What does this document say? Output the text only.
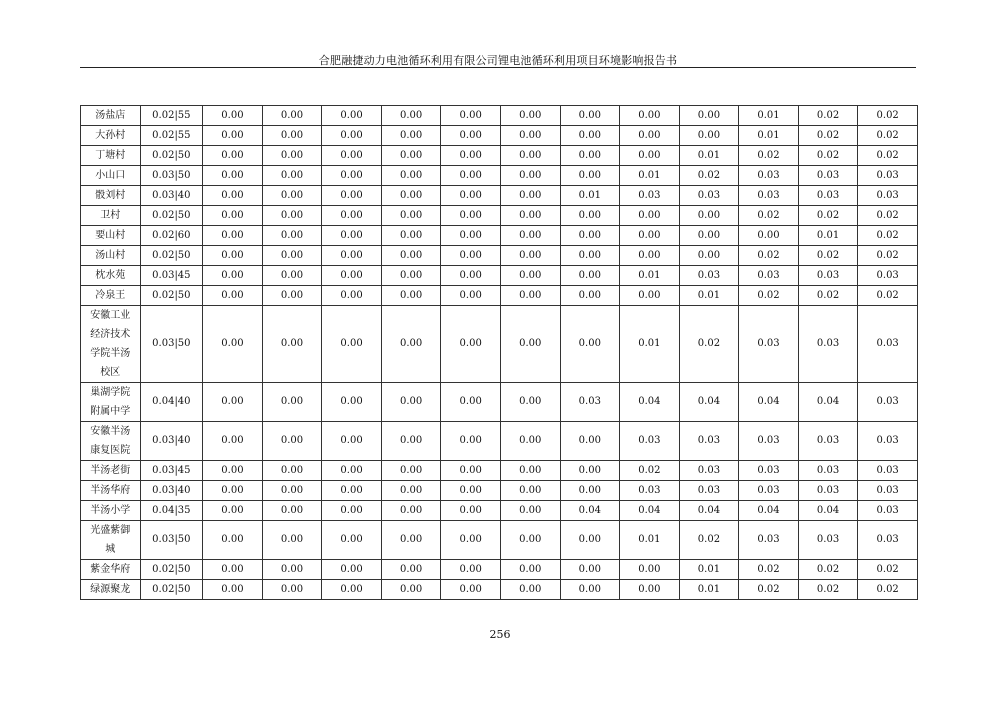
合肥融捷动力电池循环利用有限公司锂电池循环利用项目环境影响报告书
汤盐店	0.02|55	0.00	0.00	0.00	0.00	0.00	0.00	0.00	0.00	0.00	0.01	0.02	0.02
大孙村	0.02|55	0.00	0.00	0.00	0.00	0.00	0.00	0.00	0.00	0.00	0.01	0.02	0.02
丁塘村	0.02|50	0.00	0.00	0.00	0.00	0.00	0.00	0.00	0.00	0.01	0.02	0.02	0.02
小山口	0.03|50	0.00	0.00	0.00	0.00	0.00	0.00	0.00	0.01	0.02	0.03	0.03	0.03
骰刘村	0.03|40	0.00	0.00	0.00	0.00	0.00	0.00	0.01	0.03	0.03	0.03	0.03	0.03
卫村	0.02|50	0.00	0.00	0.00	0.00	0.00	0.00	0.00	0.00	0.00	0.02	0.02	0.02
要山村	0.02|60	0.00	0.00	0.00	0.00	0.00	0.00	0.00	0.00	0.00	0.00	0.01	0.02
汤山村	0.02|50	0.00	0.00	0.00	0.00	0.00	0.00	0.00	0.00	0.00	0.02	0.02	0.02
枕水苑	0.03|45	0.00	0.00	0.00	0.00	0.00	0.00	0.00	0.01	0.03	0.03	0.03	0.03
冷泉王	0.02|50	0.00	0.00	0.00	0.00	0.00	0.00	0.00	0.00	0.01	0.02	0.02	0.02

安徽工业
经济技术
学院半汤
校区	0.03|50	0.00	0.00	0.00	0.00	0.00	0.00	0.00	0.01	0.02	0.03	0.03	0.03

巢湖学院
附属中学	0.04|40	0.00	0.00	0.00	0.00	0.00	0.00	0.03	0.04	0.04	0.04	0.04	0.03

安徽半汤
康复医院	0.03|40	0.00	0.00	0.00	0.00	0.00	0.00	0.00	0.03	0.03	0.03	0.03	0.03
半汤老街	0.03|45	0.00	0.00	0.00	0.00	0.00	0.00	0.00	0.02	0.03	0.03	0.03	0.03
半汤华府	0.03|40	0.00	0.00	0.00	0.00	0.00	0.00	0.00	0.03	0.03	0.03	0.03	0.03
半汤小学	0.04|35	0.00	0.00	0.00	0.00	0.00	0.00	0.04	0.04	0.04	0.04	0.04	0.03

光盛紫御
城	0.03|50	0.00	0.00	0.00	0.00	0.00	0.00	0.00	0.01	0.02	0.03	0.03	0.03
紫金华府	0.02|50	0.00	0.00	0.00	0.00	0.00	0.00	0.00	0.00	0.01	0.02	0.02	0.02
绿源聚龙	0.02|50	0.00	0.00	0.00	0.00	0.00	0.00	0.00	0.00	0.01	0.02	0.02	0.02
256
